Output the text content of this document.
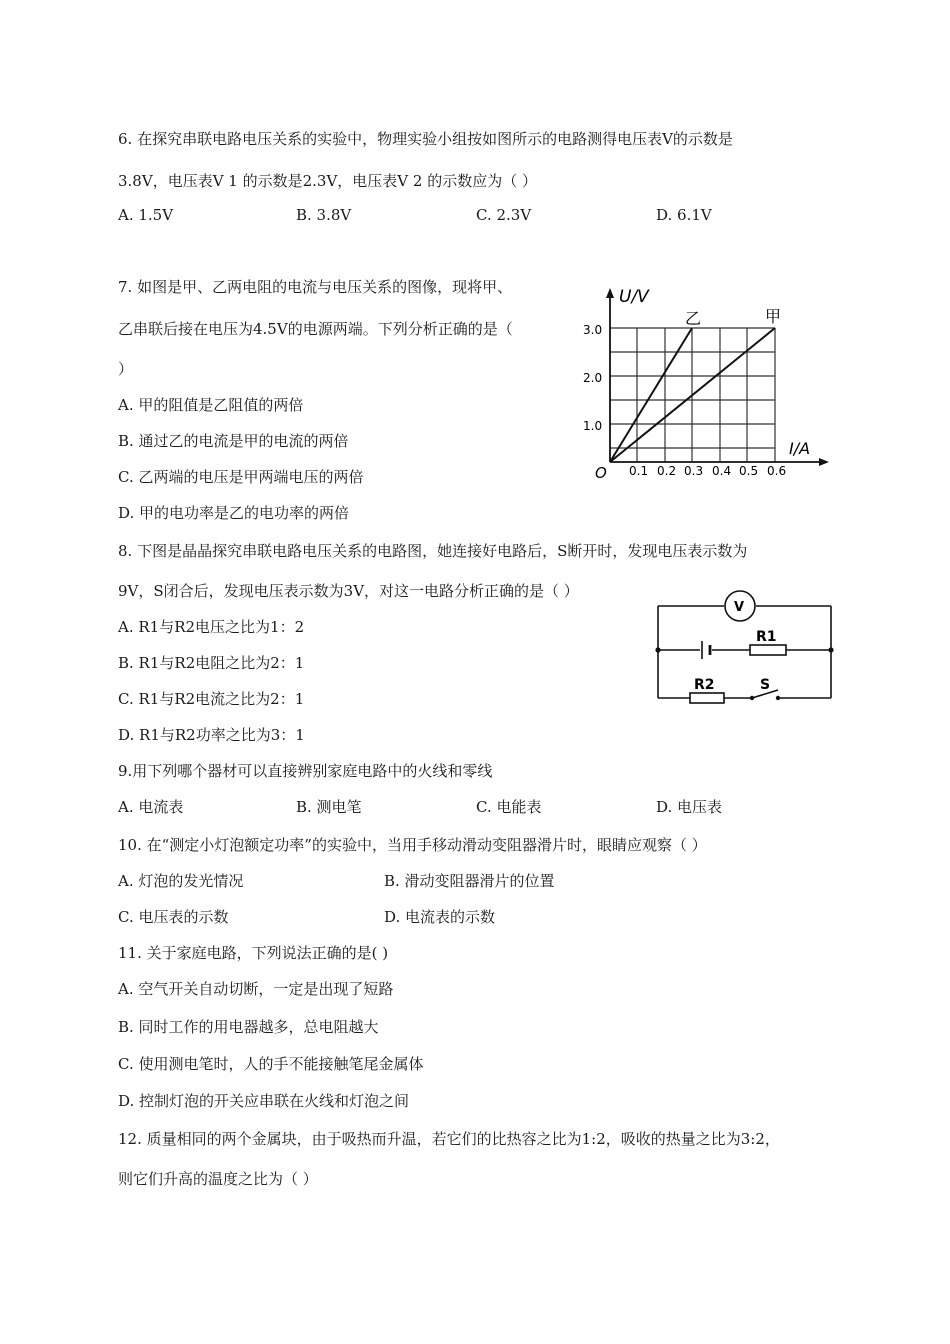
6. 在探究串联电路电压关系的实验中，物理实验小组按如图所示的电路测得电压表V的示数是
3.8V，电压表V 1 的示数是2.3V，电压表V 2 的示数应为（ ）
A. 1.5V	B. 3.8V	C. 2.3V	D. 6.1V
7. 如图是甲、乙两电阻的电流与电压关系的图像，现将甲、
乙串联后接在电压为4.5V的电源两端。下列分析正确的是（
）
A. 甲的阻值是乙阻值的两倍
B. 通过乙的电流是甲的电流的两倍
C. 乙两端的电压是甲两端电压的两倍
D. 甲的电功率是乙的电功率的两倍
U/V
I/A
O
1.0
2.0
3.0
0.1 0.2 0.3 0.4 0.5 0.6
乙	甲
8. 下图是晶晶探究串联电路电压关系的电路图，她连接好电路后，S断开时，发现电压表示数为
9V，S闭合后，发现电压表示数为3V，对这一电路分析正确的是（ ）
A. R1与R2电压之比为1：2
B. R1与R2电阻之比为2：1
C. R1与R2电流之比为2：1
D. R1与R2功率之比为3：1
V
R1
R2	S
9.用下列哪个器材可以直接辨别家庭电路中的火线和零线
A. 电流表	B. 测电笔	C. 电能表	D. 电压表
10. 在“测定小灯泡额定功率”的实验中，当用手移动滑动变阻器滑片时，眼睛应观察（ ）
A. 灯泡的发光情况	B. 滑动变阻器滑片的位置
C. 电压表的示数	D. 电流表的示数
11. 关于家庭电路，下列说法正确的是( )
A. 空气开关自动切断，一定是出现了短路
B. 同时工作的用电器越多，总电阻越大
C. 使用测电笔时，人的手不能接触笔尾金属体
D. 控制灯泡的开关应串联在火线和灯泡之间
12. 质量相同的两个金属块，由于吸热而升温，若它们的比热容之比为1:2，吸收的热量之比为3:2，
则它们升高的温度之比为（ ）
